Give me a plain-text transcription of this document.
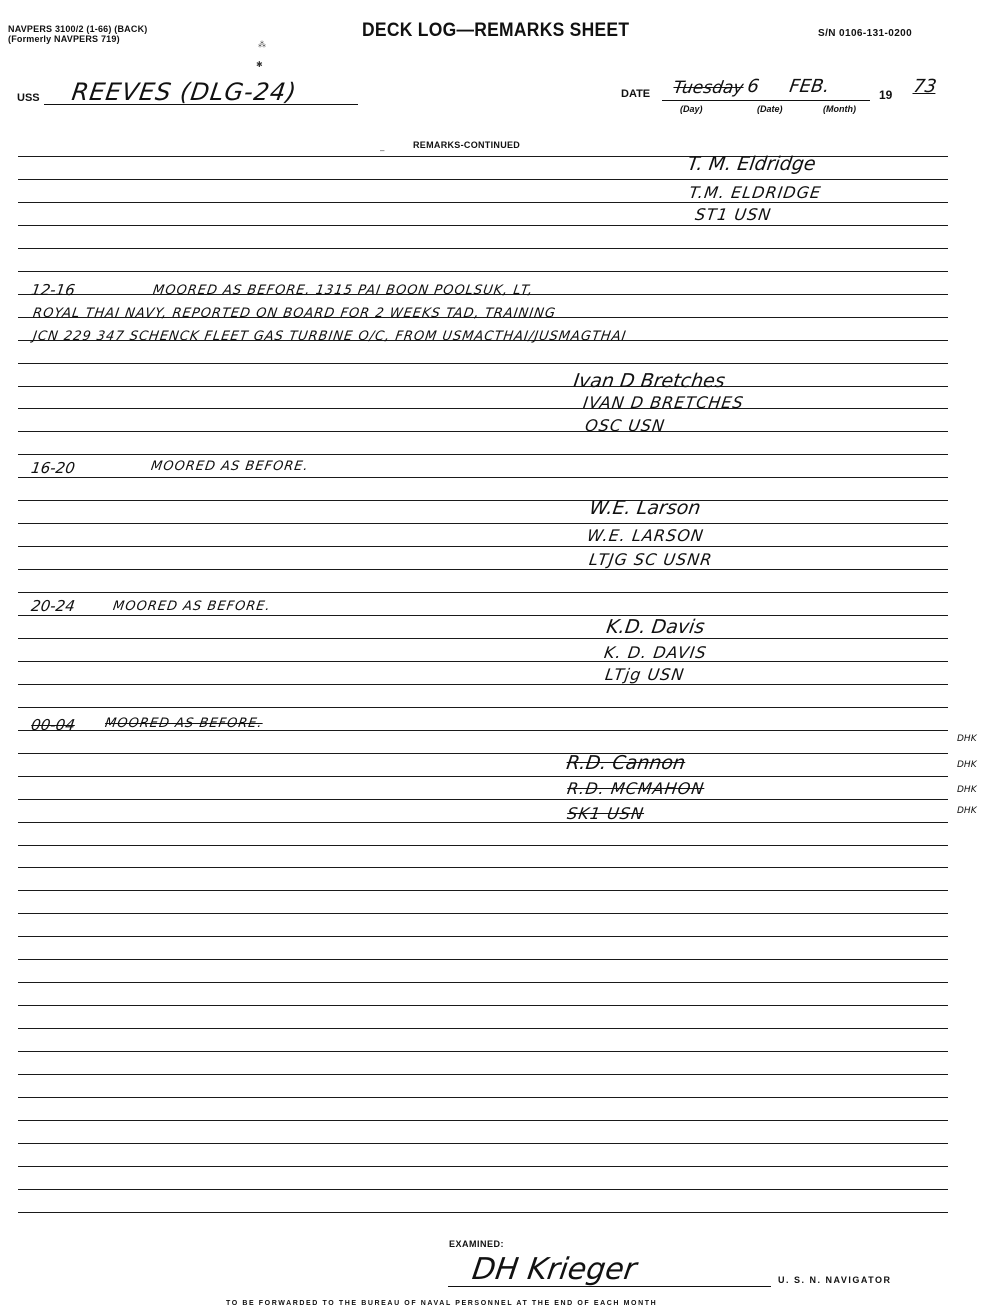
NAVPERS 3100/2 (1-66) (BACK)
(Formerly NAVPERS 719)	DECK LOG—REMARKS SHEET	S/N 0106-131-0200
USS REEVES (DLG-24)	DATE Tuesday 6 FEB.	19 73
(Day)	(Date)	(Month)
REMARKS-CONTINUED
T. M. Eldridge
T.M. ELDRIDGE
ST1 USN
12-16	MOORED AS BEFORE. 1315 PAI BOON POOLSUK, LT,
ROYAL THAI NAVY, REPORTED ON BOARD FOR 2 WEEKS TAD, TRAINING
JCN 229 347 SCHENCK FLEET GAS TURBINE O/C, FROM USMACTHAI/JUSMAGTHAI
Ivan D Bretches
IVAN D BRETCHES
OSC USN
16-20	MOORED AS BEFORE.
W.E. Larson
W.E. LARSON
LTJG SC USNR
20-24	MOORED AS BEFORE.
K.D. Davis
K. D. DAVIS
LTjg USN
00-04 MOORED AS BEFORE.
R.D. Cannon
R.D. MCMAHON
SK1 USN
DHK
DHK
DHK
DHK
⁂
✱
–
EXAMINED:
DH Krieger	U. S. N. NAVIGATOR
TO BE FORWARDED TO THE BUREAU OF NAVAL PERSONNEL AT THE END OF EACH MONTH
